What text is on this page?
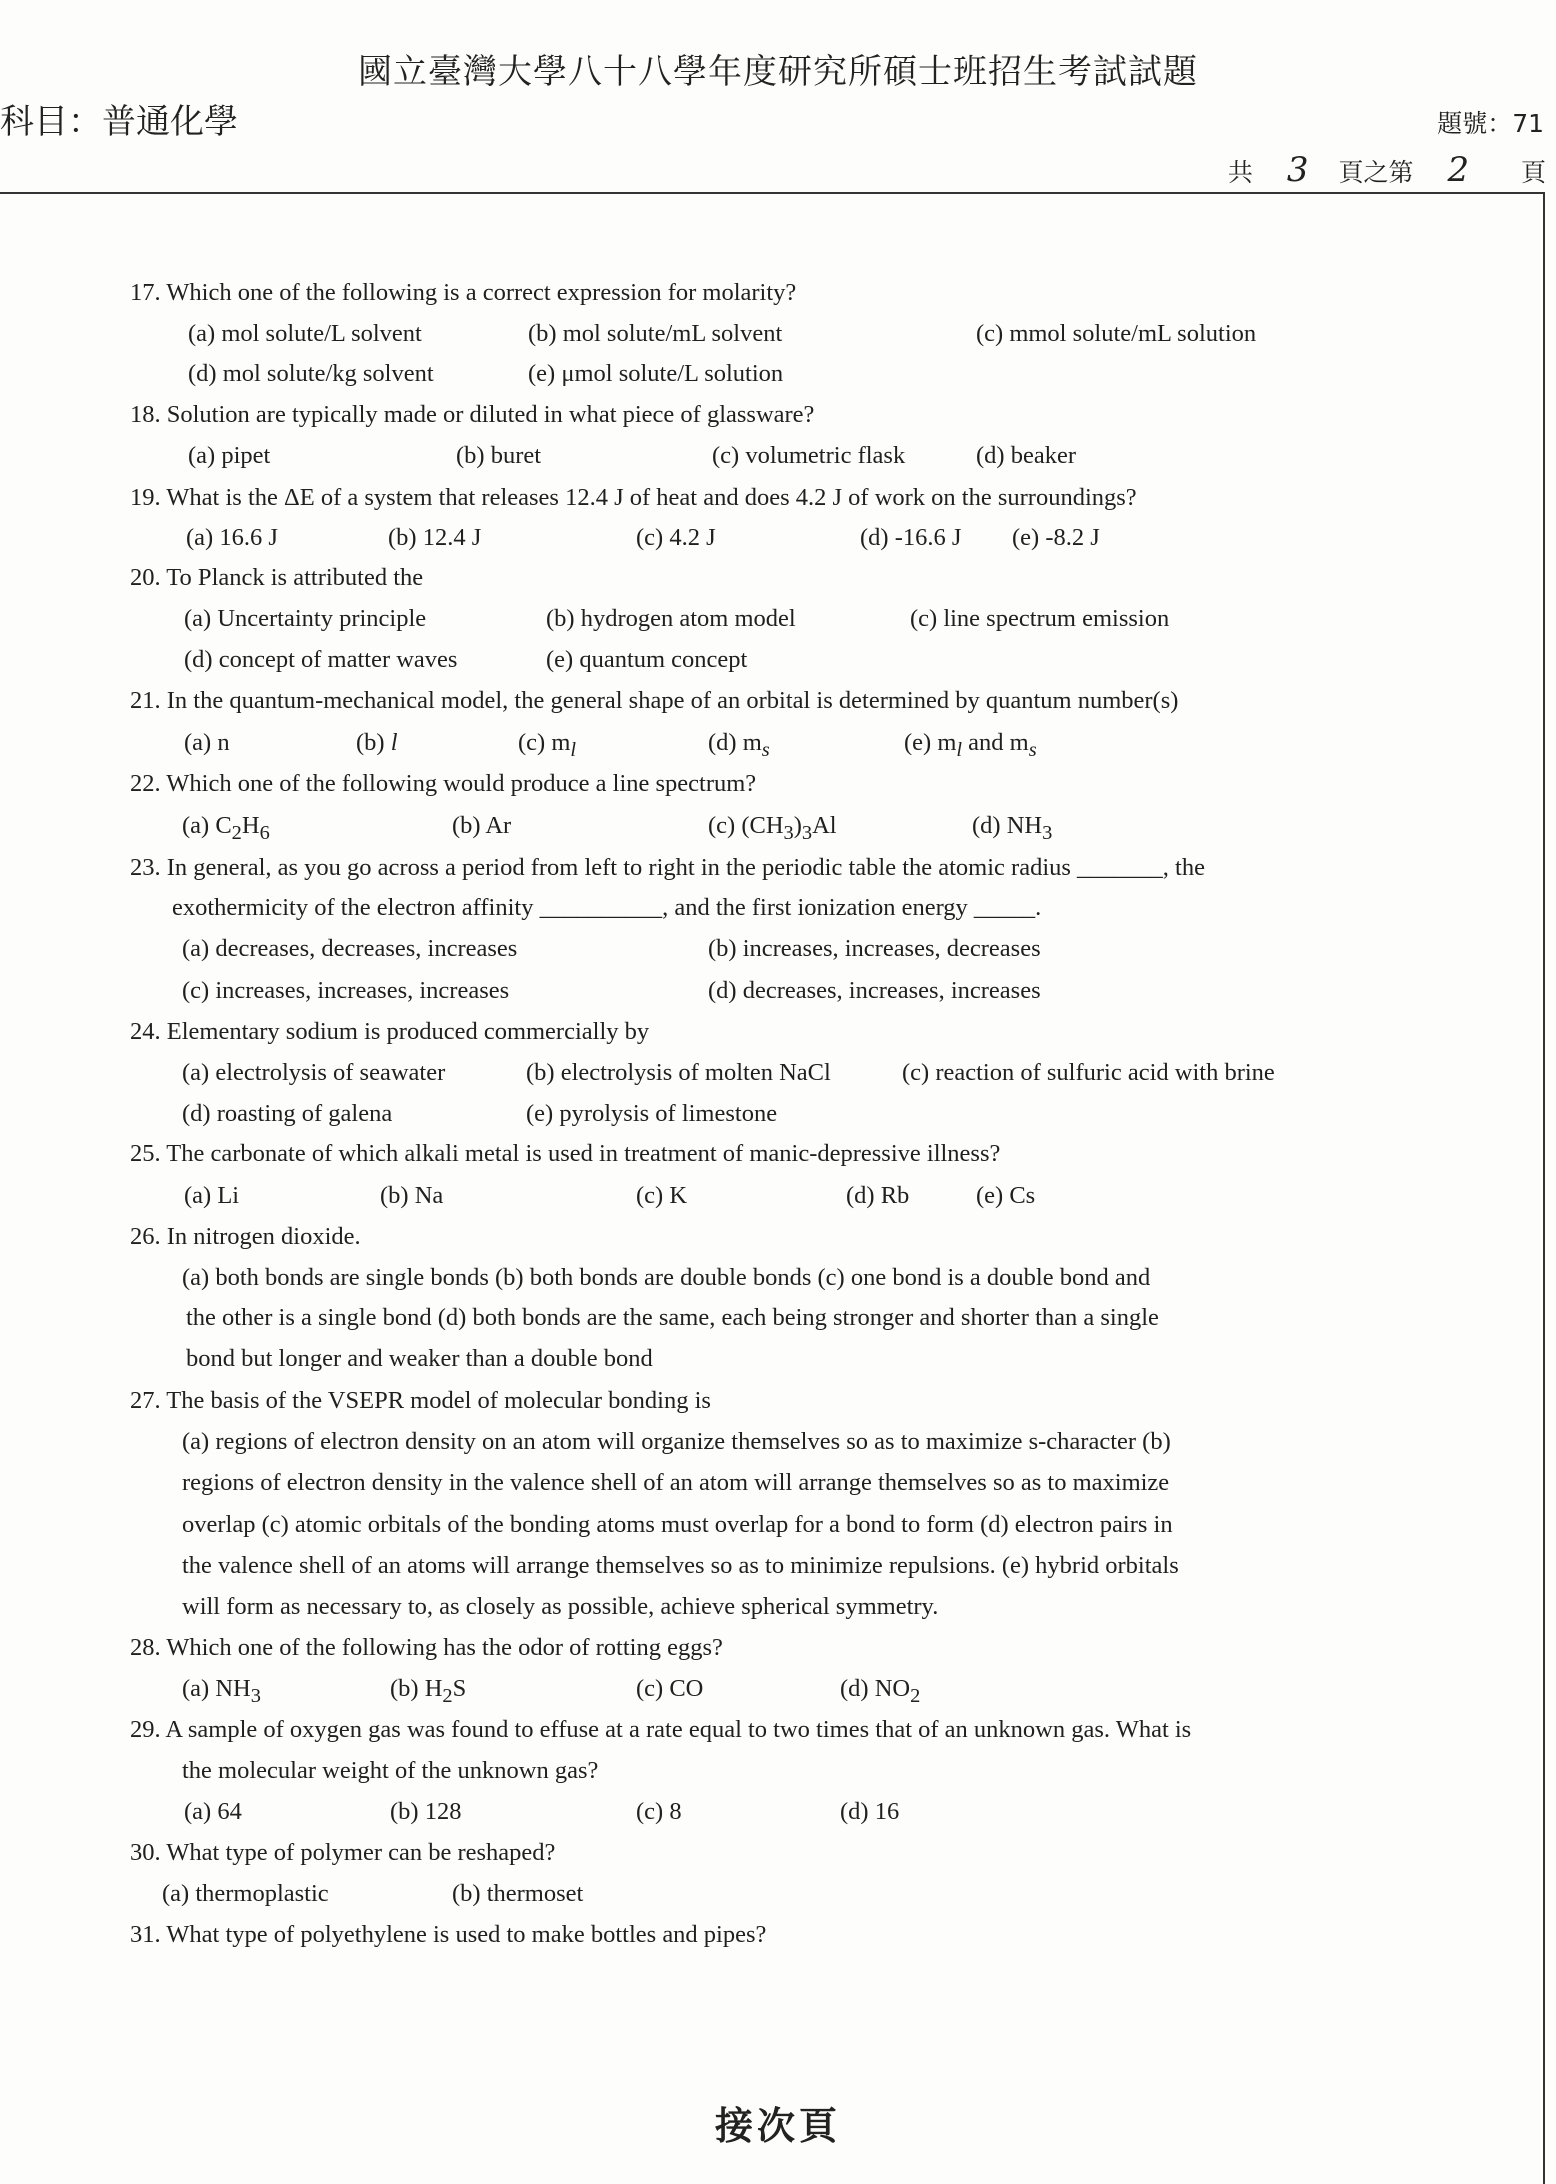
國立臺灣大學八十八學年度研究所碩士班招生考試試題
科目：普通化學	題號：71
共 3 頁之第 2 頁
17. Which one of the following is a correct expression for molarity?
(a) mol solute/L solvent	(b) mol solute/mL solvent	(c) mmol solute/mL solution
(d) mol solute/kg solvent	(e) μmol solute/L solution
18. Solution are typically made or diluted in what piece of glassware?
(a) pipet	(b) buret	(c) volumetric flask	(d) beaker
19. What is the ΔE of a system that releases 12.4 J of heat and does 4.2 J of work on the surroundings?
(a) 16.6 J	(b) 12.4 J	(c) 4.2 J	(d) -16.6 J (e) -8.2 J
20. To Planck is attributed the
(a) Uncertainty principle	(b) hydrogen atom model	(c) line spectrum emission
(d) concept of matter waves	(e) quantum concept
21. In the quantum-mechanical model, the general shape of an orbital is determined by quantum number(s)
(a) n	(b) l	(c) $m_l$	(d) $m_s$	(e) $m_l$ and $m_s$
22. Which one of the following would produce a line spectrum?
(a) $C_2H_6$	(b) Ar	(c) $(CH_3)_3Al$	(d) $NH_3$
23. In general, as you go across a period from left to right in the periodic table the atomic radius _______, the
exothermicity of the electron affinity __________, and the first ionization energy _____.
(a) decreases, decreases, increases	(b) increases, increases, decreases
(c) increases, increases, increases	(d) decreases, increases, increases
24. Elementary sodium is produced commercially by
(a) electrolysis of seawater	(b) electrolysis of molten NaCl	(c) reaction of sulfuric acid with brine
(d) roasting of galena	(e) pyrolysis of limestone
25. The carbonate of which alkali metal is used in treatment of manic-depressive illness?
(a) Li	(b) Na	(c) K	(d) Rb	(e) Cs
26. In nitrogen dioxide.
(a) both bonds are single bonds (b) both bonds are double bonds (c) one bond is a double bond and
the other is a single bond (d) both bonds are the same, each being stronger and shorter than a single
bond but longer and weaker than a double bond
27. The basis of the VSEPR model of molecular bonding is
(a) regions of electron density on an atom will organize themselves so as to maximize s-character (b)
regions of electron density in the valence shell of an atom will arrange themselves so as to maximize
overlap (c) atomic orbitals of the bonding atoms must overlap for a bond to form (d) electron pairs in
the valence shell of an atoms will arrange themselves so as to minimize repulsions. (e) hybrid orbitals
will form as necessary to, as closely as possible, achieve spherical symmetry.
28. Which one of the following has the odor of rotting eggs?
(a) $NH_3$	(b) $H_2S$	(c) CO	(d) $NO_2$
29. A sample of oxygen gas was found to effuse at a rate equal to two times that of an unknown gas. What is
the molecular weight of the unknown gas?
(a) 64	(b) 128	(c) 8	(d) 16
30. What type of polymer can be reshaped?
(a) thermoplastic	(b) thermoset
31. What type of polyethylene is used to make bottles and pipes?
接次頁
